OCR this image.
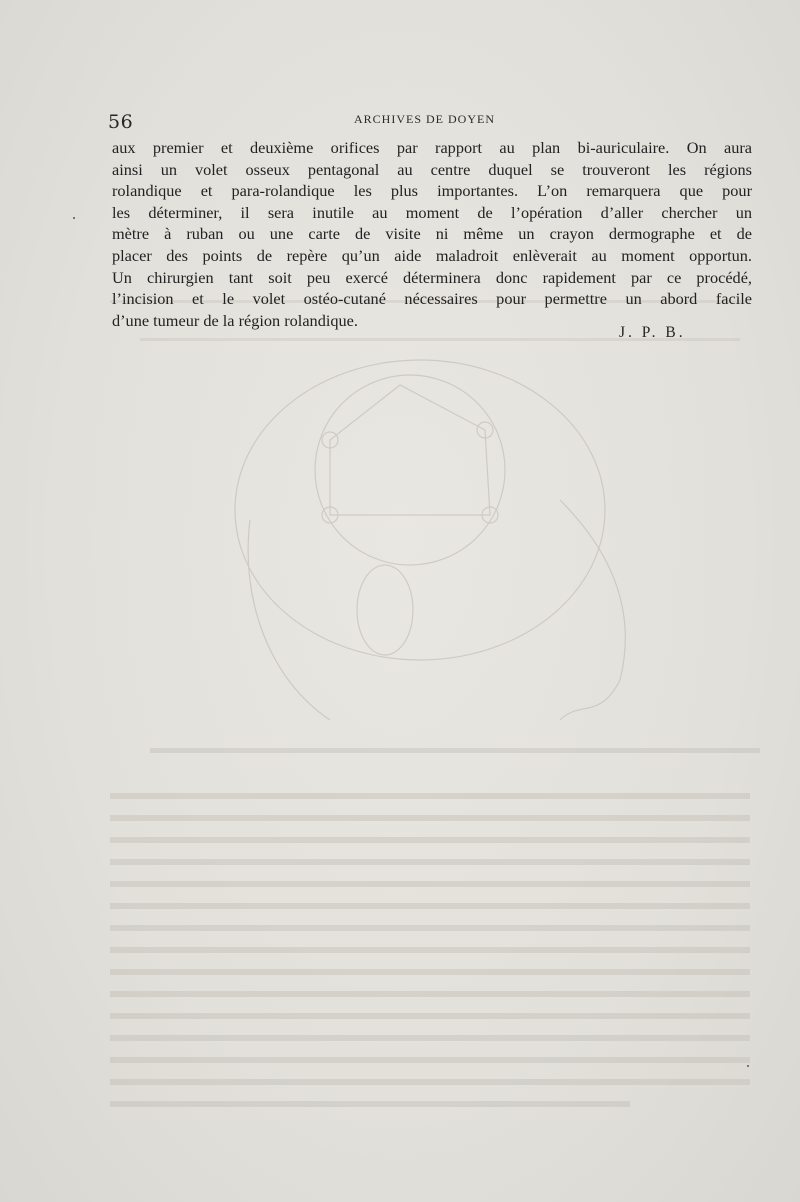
56	ARCHIVES DE DOYEN
aux premier et deuxième orifices par rapport au plan bi-auriculaire. On aura
ainsi un volet osseux pentagonal au centre duquel se trouveront les régions
rolandique et para-rolandique les plus importantes. L’on remarquera que pour
les déterminer, il sera inutile au moment de l’opération d’aller chercher un
mètre à ruban ou une carte de visite ni même un crayon dermographe et de
placer des points de repère qu’un aide maladroit enlèverait au moment opportun.
Un chirurgien tant soit peu exercé déterminera donc rapidement par ce procédé,
l’incision et le volet ostéo-cutané nécessaires pour permettre un abord facile
d’une tumeur de la région rolandique.
J. P. B.
